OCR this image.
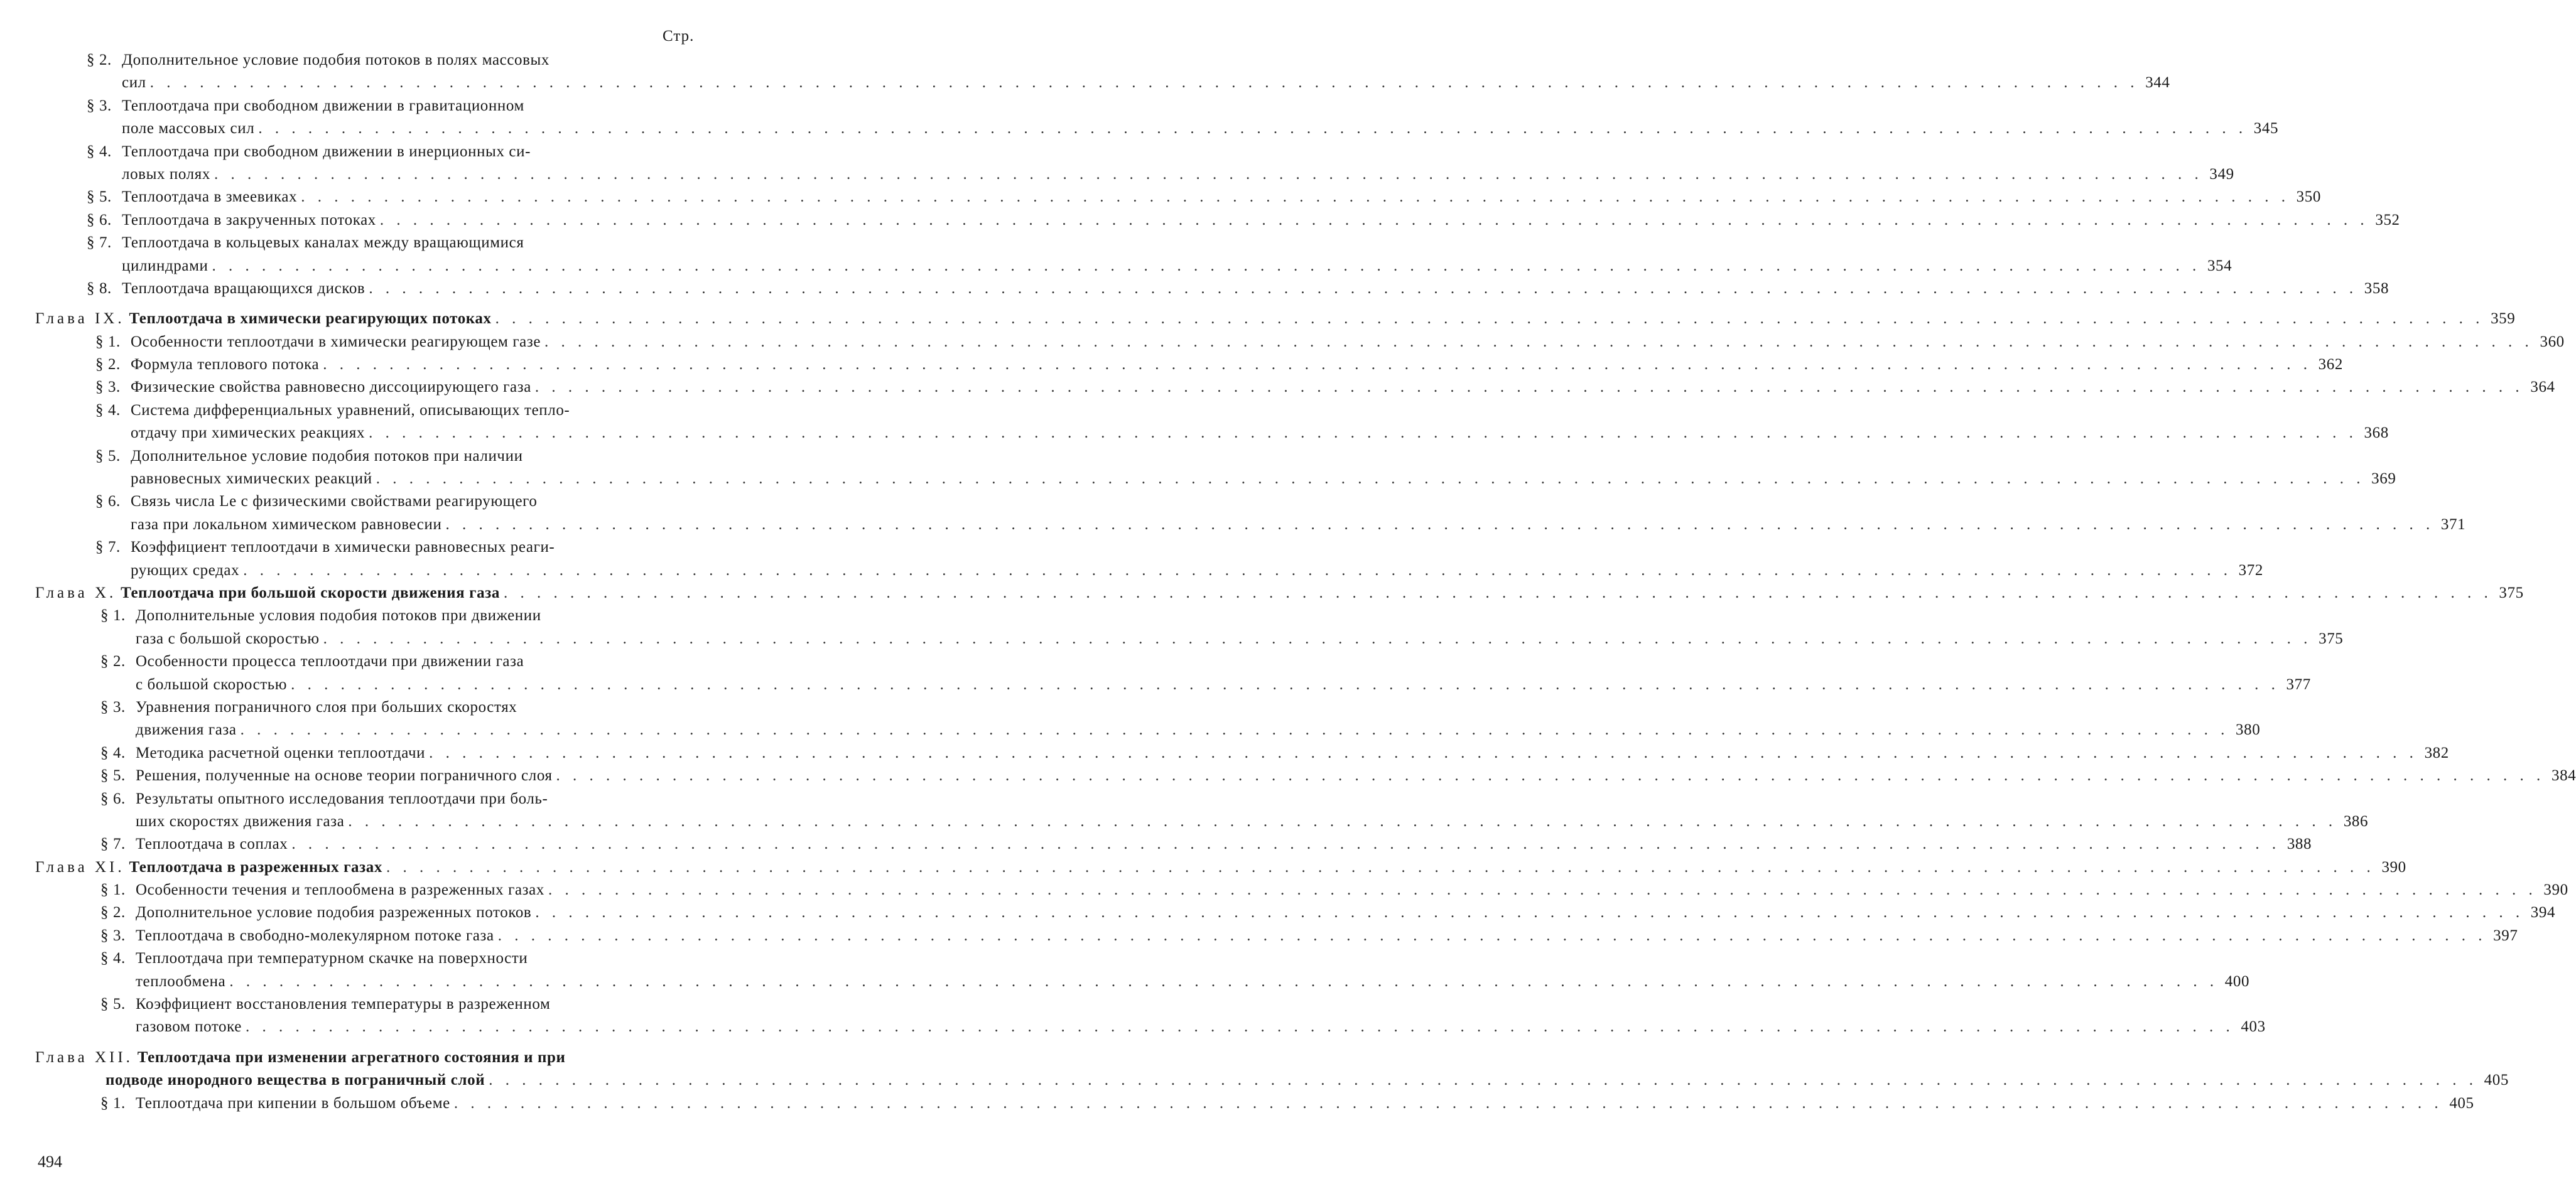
Стр.
§ 2. Дополнительное условие подобия потоков в полях массовых
сил . . . . . . . . . . . . . . . . . . . . . . . . . . . . . . . . . . . . . . . . . . . . . . . . . . . . . . . . . . . . . . . . . . . . . . . . . . . . . . . . . . . . . . . . . . . . . . . . . . . . . . . . . . . . . . . . . . . . . . . . 344
§ 3. Теплоотдача при свободном движении в гравитационном
поле массовых сил . . . . . . . . . . . . . . . . . . . . . . . . . . . . . . . . . . . . . . . . . . . . . . . . . . . . . . . . . . . . . . . . . . . . . . . . . . . . . . . . . . . . . . . . . . . . . . . . . . . . . . . . . . . . . . . . . . . . . . . . 345
§ 4. Теплоотдача при свободном движении в инерционных си-
ловых полях . . . . . . . . . . . . . . . . . . . . . . . . . . . . . . . . . . . . . . . . . . . . . . . . . . . . . . . . . . . . . . . . . . . . . . . . . . . . . . . . . . . . . . . . . . . . . . . . . . . . . . . . . . . . . . . . . . . . . . . . 349
§ 5. Теплоотдача в змеевиках . . . . . . . . . . . . . . . . . . . . . . . . . . . . . . . . . . . . . . . . . . . . . . . . . . . . . . . . . . . . . . . . . . . . . . . . . . . . . . . . . . . . . . . . . . . . . . . . . . . . . . . . . . . . . . . . . . . . . . . . 350
§ 6. Теплоотдача в закрученных потоках . . . . . . . . . . . . . . . . . . . . . . . . . . . . . . . . . . . . . . . . . . . . . . . . . . . . . . . . . . . . . . . . . . . . . . . . . . . . . . . . . . . . . . . . . . . . . . . . . . . . . . . . . . . . . . . . . . . . . . . . 352
§ 7. Теплоотдача в кольцевых каналах между вращающимися
цилиндрами . . . . . . . . . . . . . . . . . . . . . . . . . . . . . . . . . . . . . . . . . . . . . . . . . . . . . . . . . . . . . . . . . . . . . . . . . . . . . . . . . . . . . . . . . . . . . . . . . . . . . . . . . . . . . . . . . . . . . . . . 354
§ 8. Теплоотдача вращающихся дисков . . . . . . . . . . . . . . . . . . . . . . . . . . . . . . . . . . . . . . . . . . . . . . . . . . . . . . . . . . . . . . . . . . . . . . . . . . . . . . . . . . . . . . . . . . . . . . . . . . . . . . . . . . . . . . . . . . . . . . . . 358
Глава IX. Теплоотдача в химически реагирующих потоках . . . . . . . . . . . . . . . . . . . . . . . . . . . . . . . . . . . . . . . . . . . . . . . . . . . . . . . . . . . . . . . . . . . . . . . . . . . . . . . . . . . . . . . . . . . . . . . . . . . . . . . . . . . . . . . . . . . . . . . . 359
§ 1. Особенности теплоотдачи в химически реагирующем газе . . . . . . . . . . . . . . . . . . . . . . . . . . . . . . . . . . . . . . . . . . . . . . . . . . . . . . . . . . . . . . . . . . . . . . . . . . . . . . . . . . . . . . . . . . . . . . . . . . . . . . . . . . . . . . . . . . . . . . . . 360
§ 2. Формула теплового потока . . . . . . . . . . . . . . . . . . . . . . . . . . . . . . . . . . . . . . . . . . . . . . . . . . . . . . . . . . . . . . . . . . . . . . . . . . . . . . . . . . . . . . . . . . . . . . . . . . . . . . . . . . . . . . . . . . . . . . . . 362
§ 3. Физические свойства равновесно диссоциирующего газа . . . . . . . . . . . . . . . . . . . . . . . . . . . . . . . . . . . . . . . . . . . . . . . . . . . . . . . . . . . . . . . . . . . . . . . . . . . . . . . . . . . . . . . . . . . . . . . . . . . . . . . . . . . . . . . . . . . . . . . . 364
§ 4. Система дифференциальных уравнений, описывающих тепло-
отдачу при химических реакциях . . . . . . . . . . . . . . . . . . . . . . . . . . . . . . . . . . . . . . . . . . . . . . . . . . . . . . . . . . . . . . . . . . . . . . . . . . . . . . . . . . . . . . . . . . . . . . . . . . . . . . . . . . . . . . . . . . . . . . . . 368
§ 5. Дополнительное условие подобия потоков при наличии
равновесных химических реакций . . . . . . . . . . . . . . . . . . . . . . . . . . . . . . . . . . . . . . . . . . . . . . . . . . . . . . . . . . . . . . . . . . . . . . . . . . . . . . . . . . . . . . . . . . . . . . . . . . . . . . . . . . . . . . . . . . . . . . . . 369
§ 6. Связь числа Le с физическими свойствами реагирующего
газа при локальном химическом равновесии . . . . . . . . . . . . . . . . . . . . . . . . . . . . . . . . . . . . . . . . . . . . . . . . . . . . . . . . . . . . . . . . . . . . . . . . . . . . . . . . . . . . . . . . . . . . . . . . . . . . . . . . . . . . . . . . . . . . . . . . 371
§ 7. Коэффициент теплоотдачи в химически равновесных реаги-
рующих средах . . . . . . . . . . . . . . . . . . . . . . . . . . . . . . . . . . . . . . . . . . . . . . . . . . . . . . . . . . . . . . . . . . . . . . . . . . . . . . . . . . . . . . . . . . . . . . . . . . . . . . . . . . . . . . . . . . . . . . . . 372
Глава X. Теплоотдача при большой скорости движения газа . . . . . . . . . . . . . . . . . . . . . . . . . . . . . . . . . . . . . . . . . . . . . . . . . . . . . . . . . . . . . . . . . . . . . . . . . . . . . . . . . . . . . . . . . . . . . . . . . . . . . . . . . . . . . . . . . . . . . . . . 375
§ 1. Дополнительные условия подобия потоков при движении
газа с большой скоростью . . . . . . . . . . . . . . . . . . . . . . . . . . . . . . . . . . . . . . . . . . . . . . . . . . . . . . . . . . . . . . . . . . . . . . . . . . . . . . . . . . . . . . . . . . . . . . . . . . . . . . . . . . . . . . . . . . . . . . . . 375
§ 2. Особенности процесса теплоотдачи при движении газа
с большой скоростью . . . . . . . . . . . . . . . . . . . . . . . . . . . . . . . . . . . . . . . . . . . . . . . . . . . . . . . . . . . . . . . . . . . . . . . . . . . . . . . . . . . . . . . . . . . . . . . . . . . . . . . . . . . . . . . . . . . . . . . . 377
§ 3. Уравнения пограничного слоя при больших скоростях
движения газа . . . . . . . . . . . . . . . . . . . . . . . . . . . . . . . . . . . . . . . . . . . . . . . . . . . . . . . . . . . . . . . . . . . . . . . . . . . . . . . . . . . . . . . . . . . . . . . . . . . . . . . . . . . . . . . . . . . . . . . . 380
§ 4. Методика расчетной оценки теплоотдачи . . . . . . . . . . . . . . . . . . . . . . . . . . . . . . . . . . . . . . . . . . . . . . . . . . . . . . . . . . . . . . . . . . . . . . . . . . . . . . . . . . . . . . . . . . . . . . . . . . . . . . . . . . . . . . . . . . . . . . . . 382
§ 5. Решения, полученные на основе теории пограничного слоя . . . . . . . . . . . . . . . . . . . . . . . . . . . . . . . . . . . . . . . . . . . . . . . . . . . . . . . . . . . . . . . . . . . . . . . . . . . . . . . . . . . . . . . . . . . . . . . . . . . . . . . . . . . . . . . . . . . . . . . . 384
§ 6. Результаты опытного исследования теплоотдачи при боль-
ших скоростях движения газа . . . . . . . . . . . . . . . . . . . . . . . . . . . . . . . . . . . . . . . . . . . . . . . . . . . . . . . . . . . . . . . . . . . . . . . . . . . . . . . . . . . . . . . . . . . . . . . . . . . . . . . . . . . . . . . . . . . . . . . . 386
§ 7. Теплоотдача в соплах . . . . . . . . . . . . . . . . . . . . . . . . . . . . . . . . . . . . . . . . . . . . . . . . . . . . . . . . . . . . . . . . . . . . . . . . . . . . . . . . . . . . . . . . . . . . . . . . . . . . . . . . . . . . . . . . . . . . . . . . 388
Глава XI. Теплоотдача в разреженных газах . . . . . . . . . . . . . . . . . . . . . . . . . . . . . . . . . . . . . . . . . . . . . . . . . . . . . . . . . . . . . . . . . . . . . . . . . . . . . . . . . . . . . . . . . . . . . . . . . . . . . . . . . . . . . . . . . . . . . . . . 390
§ 1. Особенности течения и теплообмена в разреженных газах . . . . . . . . . . . . . . . . . . . . . . . . . . . . . . . . . . . . . . . . . . . . . . . . . . . . . . . . . . . . . . . . . . . . . . . . . . . . . . . . . . . . . . . . . . . . . . . . . . . . . . . . . . . . . . . . . . . . . . . . 390
§ 2. Дополнительное условие подобия разреженных потоков . . . . . . . . . . . . . . . . . . . . . . . . . . . . . . . . . . . . . . . . . . . . . . . . . . . . . . . . . . . . . . . . . . . . . . . . . . . . . . . . . . . . . . . . . . . . . . . . . . . . . . . . . . . . . . . . . . . . . . . . 394
§ 3. Теплоотдача в свободно-молекулярном потоке газа . . . . . . . . . . . . . . . . . . . . . . . . . . . . . . . . . . . . . . . . . . . . . . . . . . . . . . . . . . . . . . . . . . . . . . . . . . . . . . . . . . . . . . . . . . . . . . . . . . . . . . . . . . . . . . . . . . . . . . . . 397
§ 4. Теплоотдача при температурном скачке на поверхности
теплообмена . . . . . . . . . . . . . . . . . . . . . . . . . . . . . . . . . . . . . . . . . . . . . . . . . . . . . . . . . . . . . . . . . . . . . . . . . . . . . . . . . . . . . . . . . . . . . . . . . . . . . . . . . . . . . . . . . . . . . . . . 400
§ 5. Коэффициент восстановления температуры в разреженном
газовом потоке . . . . . . . . . . . . . . . . . . . . . . . . . . . . . . . . . . . . . . . . . . . . . . . . . . . . . . . . . . . . . . . . . . . . . . . . . . . . . . . . . . . . . . . . . . . . . . . . . . . . . . . . . . . . . . . . . . . . . . . . 403
Глава XII. Теплоотдача при изменении агрегатного состояния и при
подводе инородного вещества в пограничный слой . . . . . . . . . . . . . . . . . . . . . . . . . . . . . . . . . . . . . . . . . . . . . . . . . . . . . . . . . . . . . . . . . . . . . . . . . . . . . . . . . . . . . . . . . . . . . . . . . . . . . . . . . . . . . . . . . . . . . . . . 405
§ 1. Теплоотдача при кипении в большом объеме . . . . . . . . . . . . . . . . . . . . . . . . . . . . . . . . . . . . . . . . . . . . . . . . . . . . . . . . . . . . . . . . . . . . . . . . . . . . . . . . . . . . . . . . . . . . . . . . . . . . . . . . . . . . . . . . . . . . . . . . 405
494
